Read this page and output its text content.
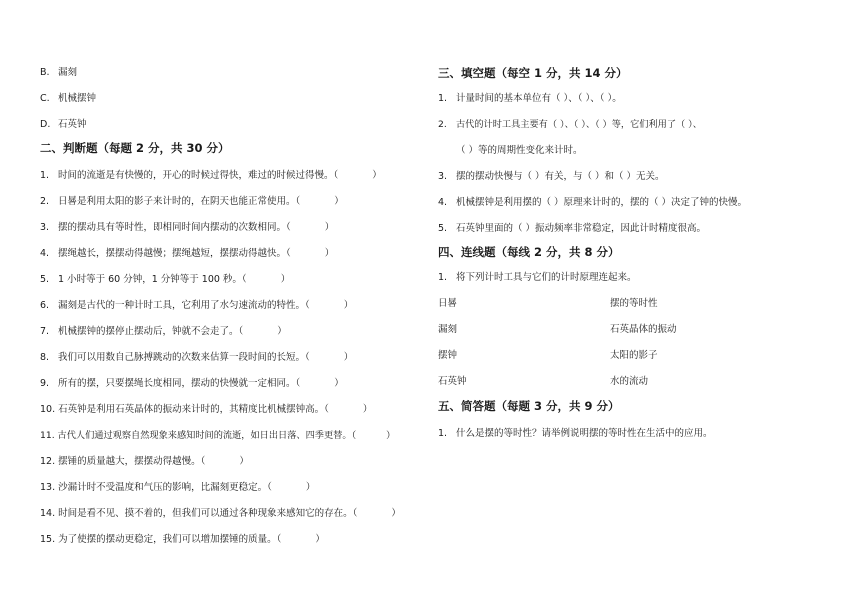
B. 漏刻
C. 机械摆钟
D. 石英钟
二、判断题（每题 2 分，共 30 分）
1. 时间的流逝是有快慢的，开心的时候过得快，难过的时候过得慢。（	）
2. 日晷是利用太阳的影子来计时的，在阴天也能正常使用。（	）
3. 摆的摆动具有等时性，即相同时间内摆动的次数相同。（	）
4. 摆绳越长，摆摆动得越慢；摆绳越短，摆摆动得越快。（	）
5. 1 小时等于 60 分钟，1 分钟等于 100 秒。（	）
6. 漏刻是古代的一种计时工具，它利用了水匀速流动的特性。（	）
7. 机械摆钟的摆停止摆动后，钟就不会走了。（	）
8. 我们可以用数自己脉搏跳动的次数来估算一段时间的长短。（	）
9. 所有的摆，只要摆绳长度相同，摆动的快慢就一定相同。（	）
10. 石英钟是利用石英晶体的振动来计时的，其精度比机械摆钟高。（	）
11. 古代人们通过观察自然现象来感知时间的流逝，如日出日落、四季更替。（	）
12. 摆锤的质量越大，摆摆动得越慢。（	）
13. 沙漏计时不受温度和气压的影响，比漏刻更稳定。（	）
14. 时间是看不见、摸不着的，但我们可以通过各种现象来感知它的存在。（	）
15. 为了使摆的摆动更稳定，我们可以增加摆锤的质量。（	）
三、填空题（每空 1 分，共 14 分）
1. 计量时间的基本单位有（ ）、（ ）、（ ）。
2. 古代的计时工具主要有（ ）、（ ）、（ ）等，它们利用了（ ）、
（ ）等的周期性变化来计时。
3. 摆的摆动快慢与（ ）有关，与（ ）和（ ）无关。
4. 机械摆钟是利用摆的（ ）原理来计时的，摆的（ ）决定了钟的快慢。
5. 石英钟里面的（ ）振动频率非常稳定，因此计时精度很高。
四、连线题（每线 2 分，共 8 分）
1. 将下列计时工具与它们的计时原理连起来。
日晷	摆的等时性
漏刻	石英晶体的振动
摆钟	太阳的影子
石英钟	水的流动
五、简答题（每题 3 分，共 9 分）
1. 什么是摆的等时性？请举例说明摆的等时性在生活中的应用。
